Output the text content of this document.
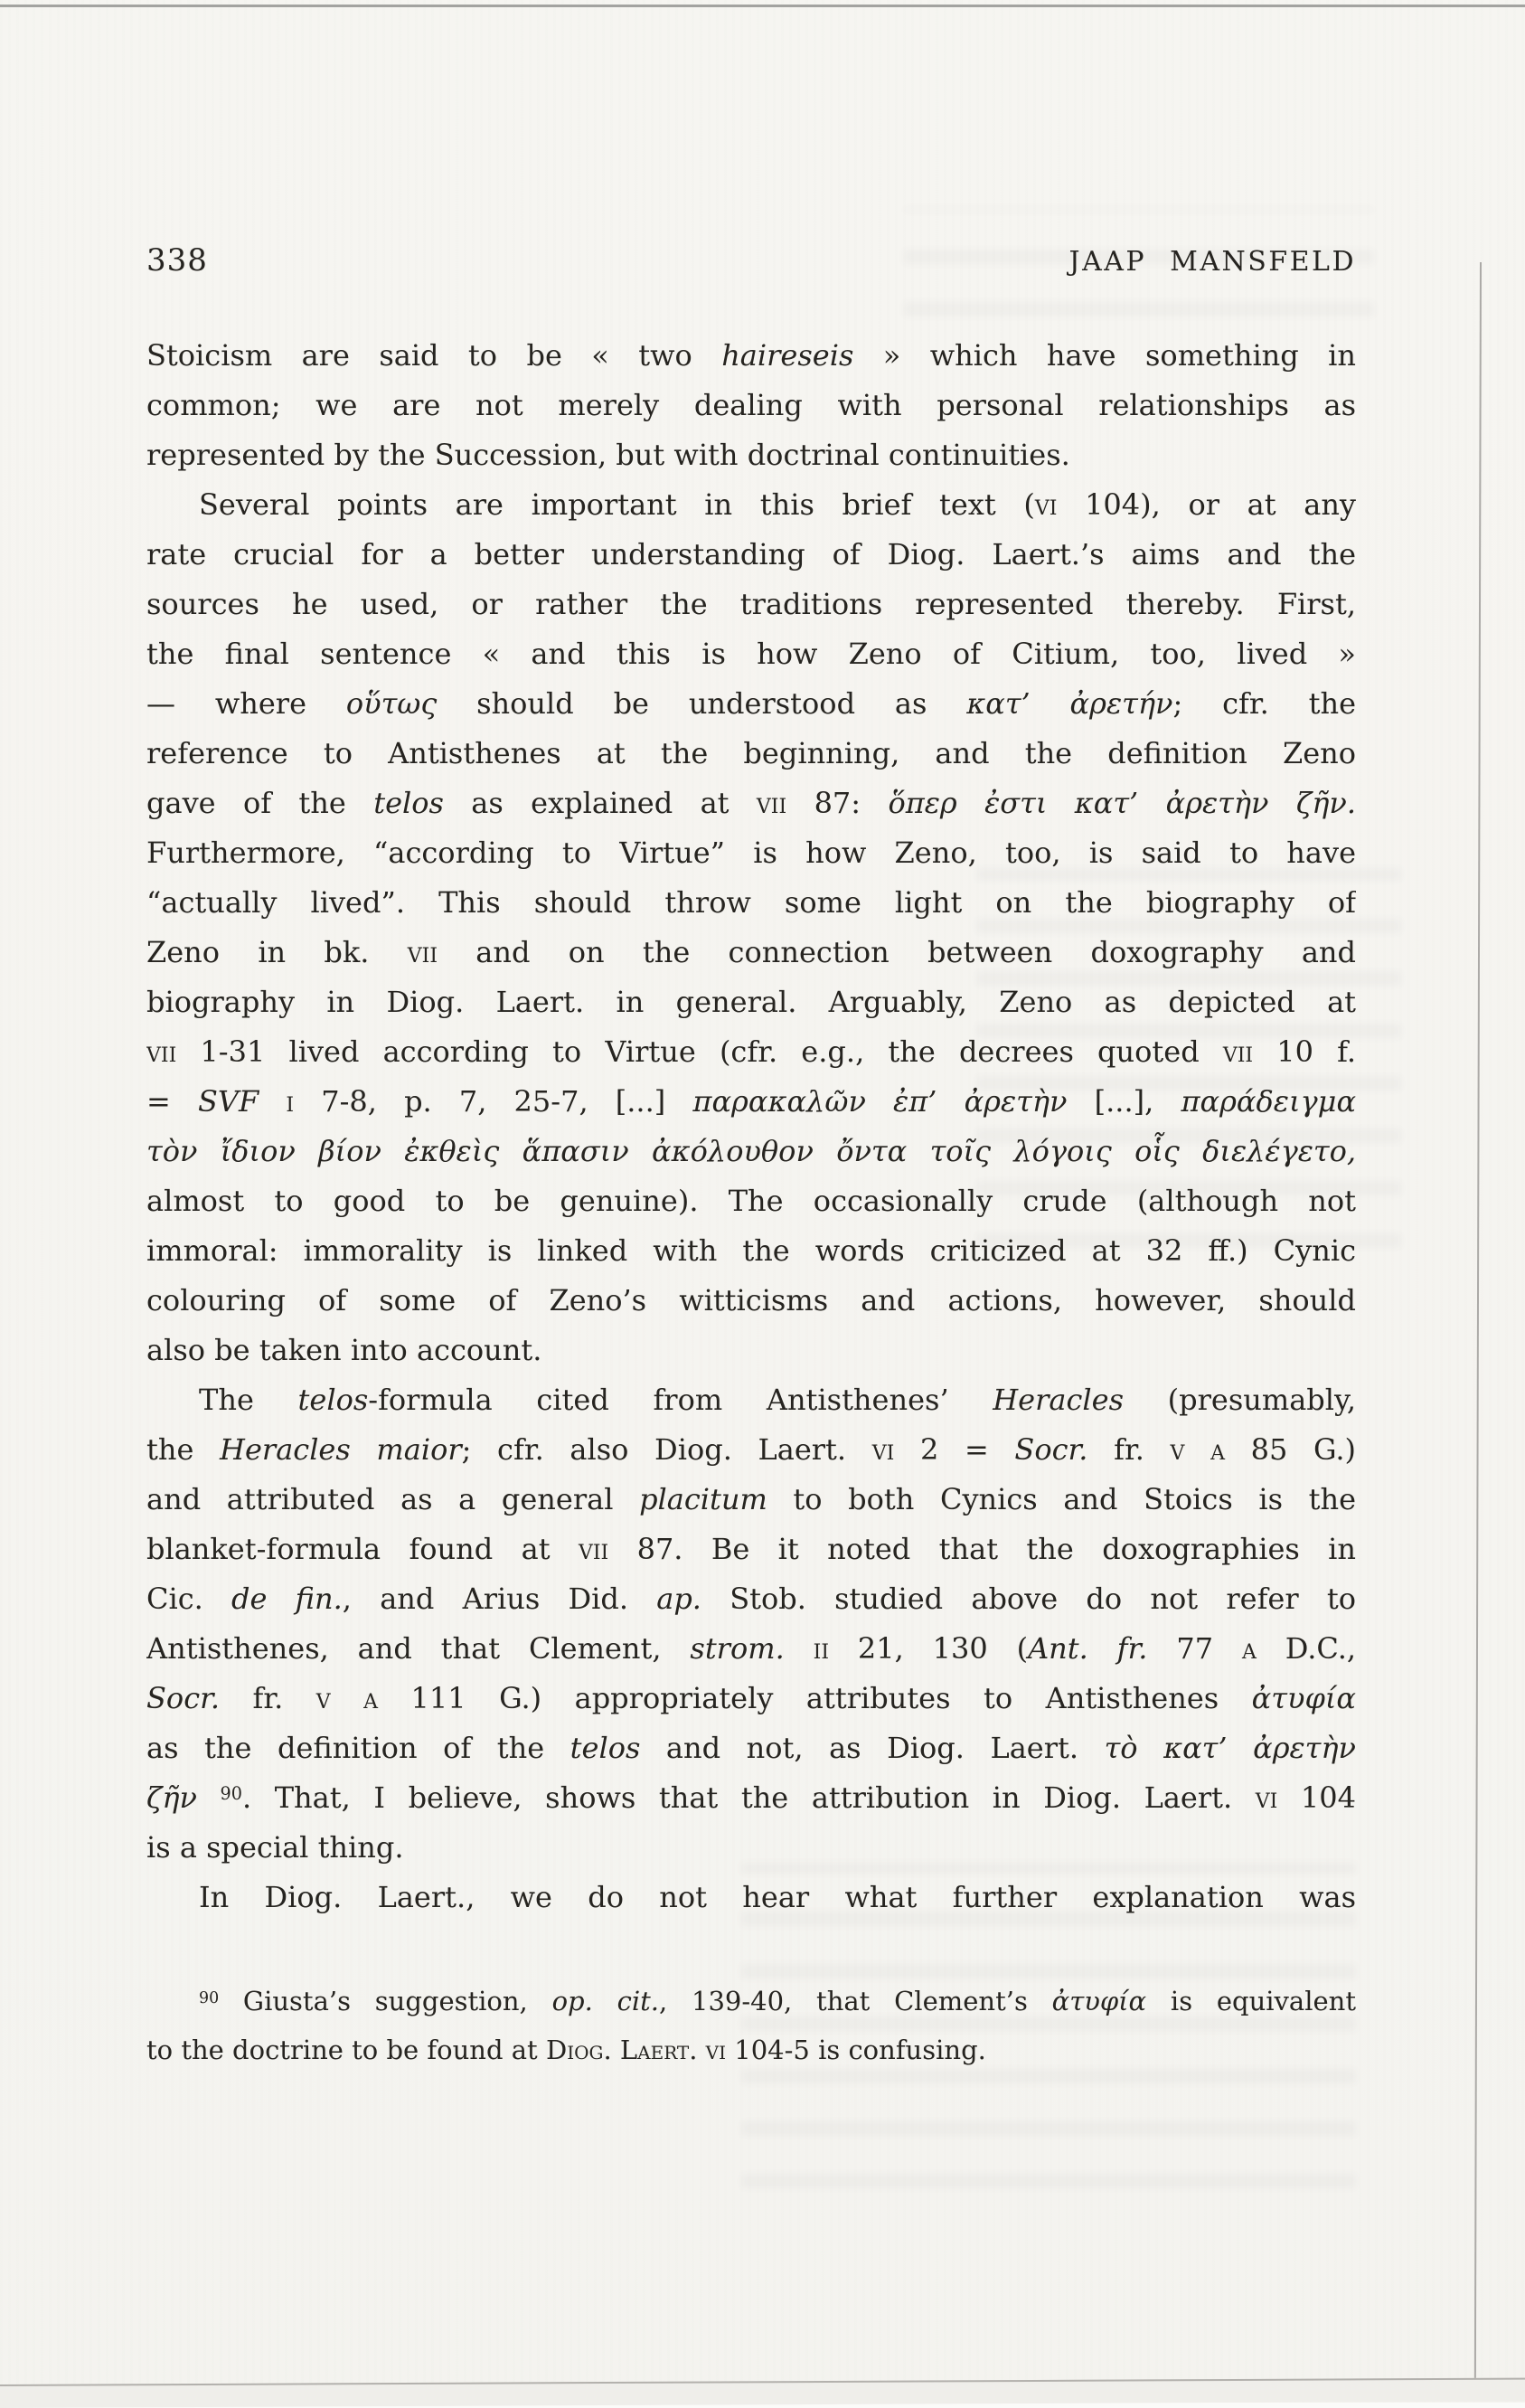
338	JAAP MANSFELD
Stoicism are said to be « two haireseis » which have something in
common; we are not merely dealing with personal relationships as
represented by the Succession, but with doctrinal continuities.
Several points are important in this brief text (vi 104), or at any
rate crucial for a better understanding of Diog. Laert.’s aims and the
sources he used, or rather the traditions represented thereby. First,
the final sentence « and this is how Zeno of Citium, too, lived »
— where οὕτως should be understood as κατ’ ἀρετήν; cfr. the
reference to Antisthenes at the beginning, and the definition Zeno
gave of the telos as explained at vii 87: ὅπερ ἐστι κατ’ ἀρετὴν ζῆν.
Furthermore, “according to Virtue” is how Zeno, too, is said to have
“actually lived”. This should throw some light on the biography of
Zeno in bk. vii and on the connection between doxography and
biography in Diog. Laert. in general. Arguably, Zeno as depicted at
vii 1-31 lived according to Virtue (cfr. e.g., the decrees quoted vii 10 f.
= SVF i 7-8, p. 7, 25-7, [...] παρακαλῶν ἐπ’ ἀρετὴν [...], παράδειγμα
τὸν ἴδιον βίον ἐκθεὶς ἅπασιν ἀκόλουθον ὄντα τοῖς λόγοις οἷς διελέγετο,
almost to good to be genuine). The occasionally crude (although not
immoral: immorality is linked with the words criticized at 32 ff.) Cynic
colouring of some of Zeno’s witticisms and actions, however, should
also be taken into account.
The telos-formula cited from Antisthenes’ Heracles (presumably,
the Heracles maior; cfr. also Diog. Laert. vi 2 = Socr. fr. v a 85 G.)
and attributed as a general placitum to both Cynics and Stoics is the
blanket-formula found at vii 87. Be it noted that the doxographies in
Cic. de fin., and Arius Did. ap. Stob. studied above do not refer to
Antisthenes, and that Clement, strom. ii 21, 130 (Ant. fr. 77 a D.C.,
Socr. fr. v a 111 G.) appropriately attributes to Antisthenes ἀτυφία
as the definition of the telos and not, as Diog. Laert. τὸ κατ’ ἀρετὴν
ζῆν $^{90}$. That, I believe, shows that the attribution in Diog. Laert. vi 104
is a special thing.
In Diog. Laert., we do not hear what further explanation was
$^{90}$ Giusta’s suggestion, op. cit., 139-40, that Clement’s ἀτυφία is equivalent
to the doctrine to be found at Diog. Laert. vi 104-5 is confusing.
